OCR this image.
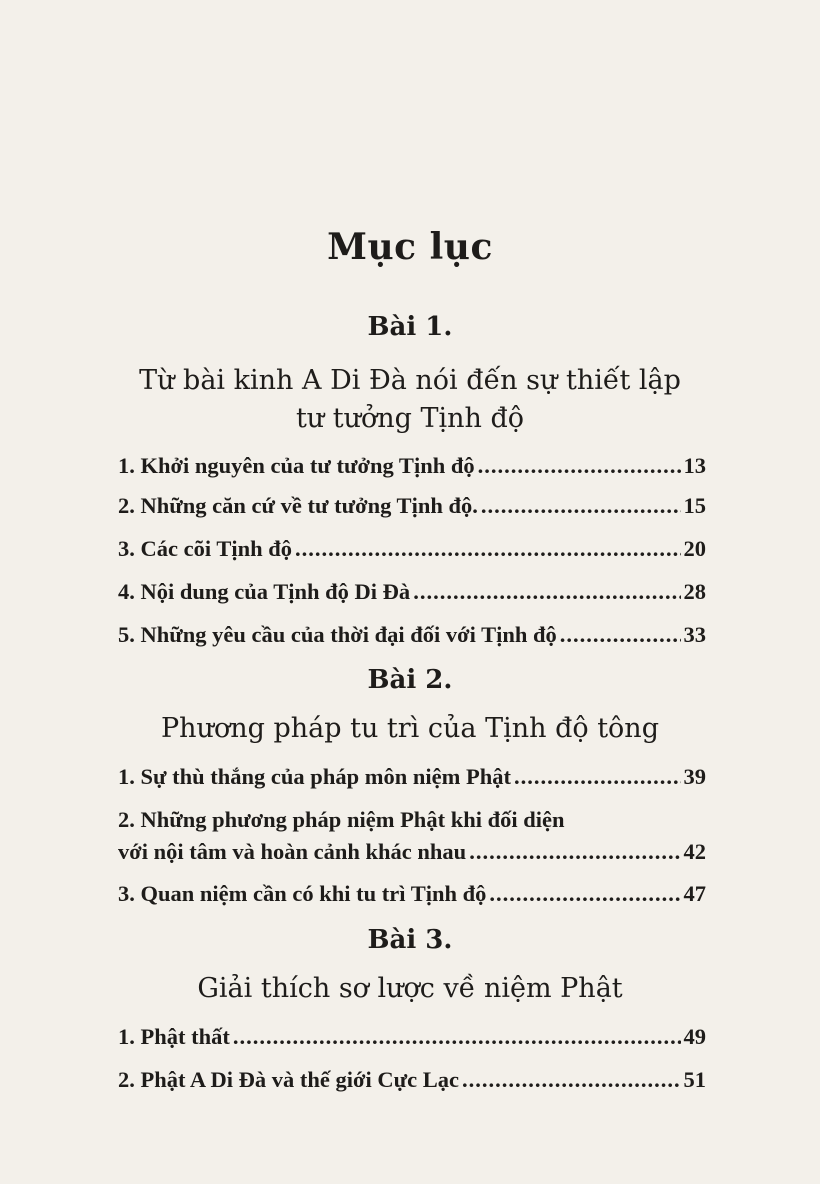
Mục lục
Bài 1.
Từ bài kinh A Di Đà nói đến sự thiết lập
tư tưởng Tịnh độ
1. Khởi nguyên của tư tưởng Tịnh độ .....	13
2. Những căn cứ về tư tưởng Tịnh độ. .....	15
3. Các cõi Tịnh độ .....	20
4. Nội dung của Tịnh độ Di Đà .....	28
5. Những yêu cầu của thời đại đối với Tịnh độ .....	33
Bài 2.
Phương pháp tu trì của Tịnh độ tông
1. Sự thù thắng của pháp môn niệm Phật .....	39
2. Những phương pháp niệm Phật khi đối diện
với nội tâm và hoàn cảnh khác nhau .....	42
3. Quan niệm cần có khi tu trì Tịnh độ .....	47
Bài 3.
Giải thích sơ lược về niệm Phật
1. Phật thất .....	49
2. Phật A Di Đà và thế giới Cực Lạc .....	51
